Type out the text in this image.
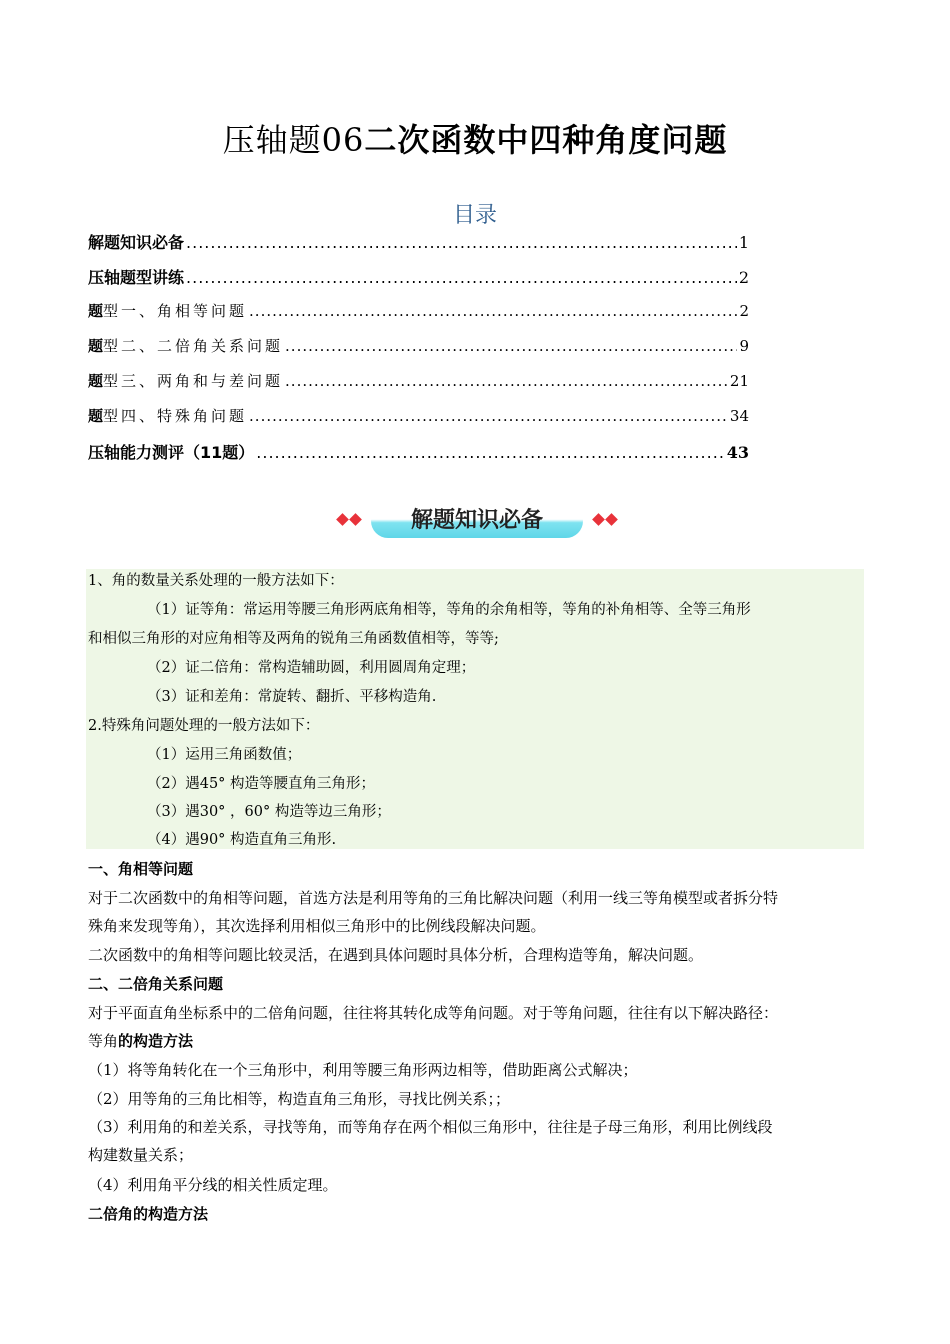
压轴题06二次函数中四种角度问题
目录
解题知识必备 .....	1
压轴题型讲练 .....	2
题型一、角相等问题 .....	2
题型二、二倍角关系问题 .....	9
题型三、两角和与差问题 .....	21
题型四、特殊角问题 .....	34
压轴能力测评（11题） .....	43
解题知识必备
1、角的数量关系处理的一般方法如下：
（1）证等角：常运用等腰三角形两底角相等，等角的余角相等，等角的补角相等、全等三角形
和相似三角形的对应角相等及两角的锐角三角函数值相等，等等;
（2）证二倍角：常构造辅助圆，利用圆周角定理；
（3）证和差角：常旋转、翻折、平移构造角.
2.特殊角问题处理的一般方法如下：
（1）运用三角函数值；
（2）遇45° 构造等腰直角三角形；
（3）遇30° ，60° 构造等边三角形；
（4）遇90° 构造直角三角形.
一、角相等问题
对于二次函数中的角相等问题，首选方法是利用等角的三角比解决问题（利用一线三等角模型或者拆分特
殊角来发现等角），其次选择利用相似三角形中的比例线段解决问题。
二次函数中的角相等问题比较灵活，在遇到具体问题时具体分析，合理构造等角，解决问题。
二、二倍角关系问题
对于平面直角坐标系中的二倍角问题，往往将其转化成等角问题。对于等角问题，往往有以下解决路径：
等角的构造方法
（1）将等角转化在一个三角形中，利用等腰三角形两边相等，借助距离公式解决；
（2）用等角的三角比相等，构造直角三角形，寻找比例关系；；
（3）利用角的和差关系，寻找等角，而等角存在两个相似三角形中，往往是子母三角形，利用比例线段
构建数量关系；
（4）利用角平分线的相关性质定理。
二倍角的构造方法
